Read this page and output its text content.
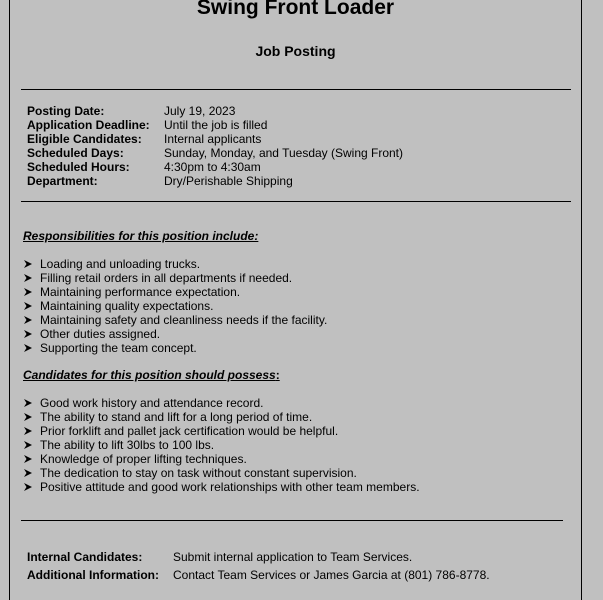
Swing Front Loader
Job Posting
Posting Date:	July 19, 2023
Application Deadline:	Until the job is filled
Eligible Candidates:	Internal applicants
Scheduled Days:	Sunday, Monday, and Tuesday (Swing Front)
Scheduled Hours:	4:30pm to 4:30am
Department:	Dry/Perishable Shipping
Responsibilities for this position include:
Loading and unloading trucks.
Filling retail orders in all departments if needed.
Maintaining performance expectation.
Maintaining quality expectations.
Maintaining safety and cleanliness needs if the facility.
Other duties assigned.
Supporting the team concept.
Candidates for this position should possess:
Good work history and attendance record.
The ability to stand and lift for a long period of time.
Prior forklift and pallet jack certification would be helpful.
The ability to lift 30lbs to 100 lbs.
Knowledge of proper lifting techniques.
The dedication to stay on task without constant supervision.
Positive attitude and good work relationships with other team members.
Internal Candidates:	Submit internal application to Team Services.
Additional Information:	Contact Team Services or James Garcia at (801) 786-8778.
